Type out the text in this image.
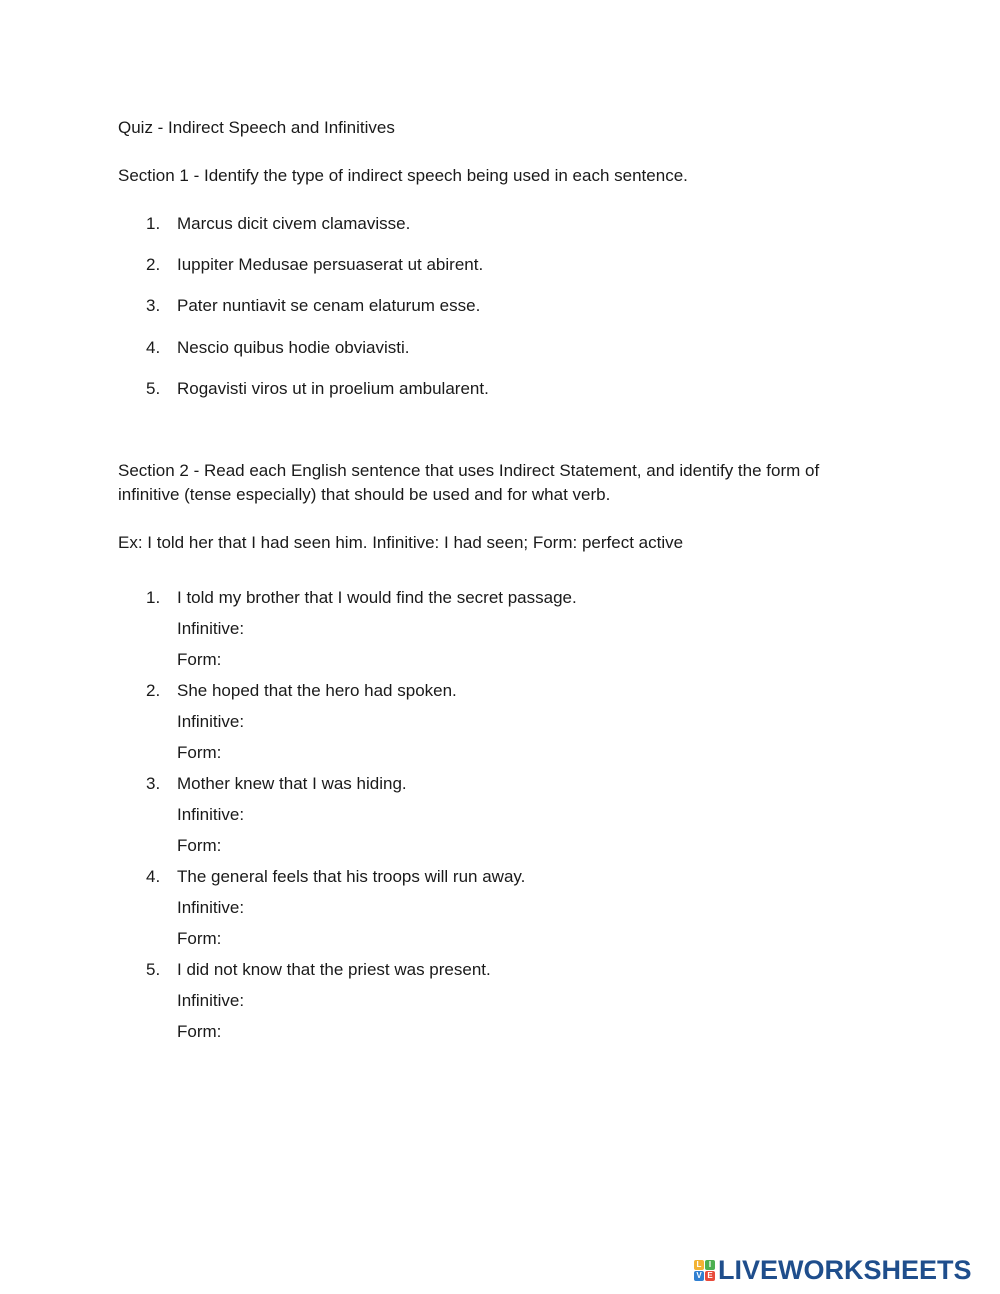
Quiz - Indirect Speech and Infinitives
Section 1 - Identify the type of indirect speech being used in each sentence.
1. Marcus dicit civem clamavisse.
2. Iuppiter Medusae persuaserat ut abirent.
3. Pater nuntiavit se cenam elaturum esse.
4. Nescio quibus hodie obviavisti.
5. Rogavisti viros ut in proelium ambularent.
Section 2 - Read each English sentence that uses Indirect Statement, and identify the form of infinitive (tense especially) that should be used and for what verb.
Ex: I told her that I had seen him. Infinitive: I had seen; Form: perfect active
1. I told my brother that I would find the secret passage.
Infinitive:
Form:
2. She hoped that the hero had spoken.
Infinitive:
Form:
3. Mother knew that I was hiding.
Infinitive:
Form:
4. The general feels that his troops will run away.
Infinitive:
Form:
5. I did not know that the priest was present.
Infinitive:
Form:
L I
V E LIVEWORKSHEETS
